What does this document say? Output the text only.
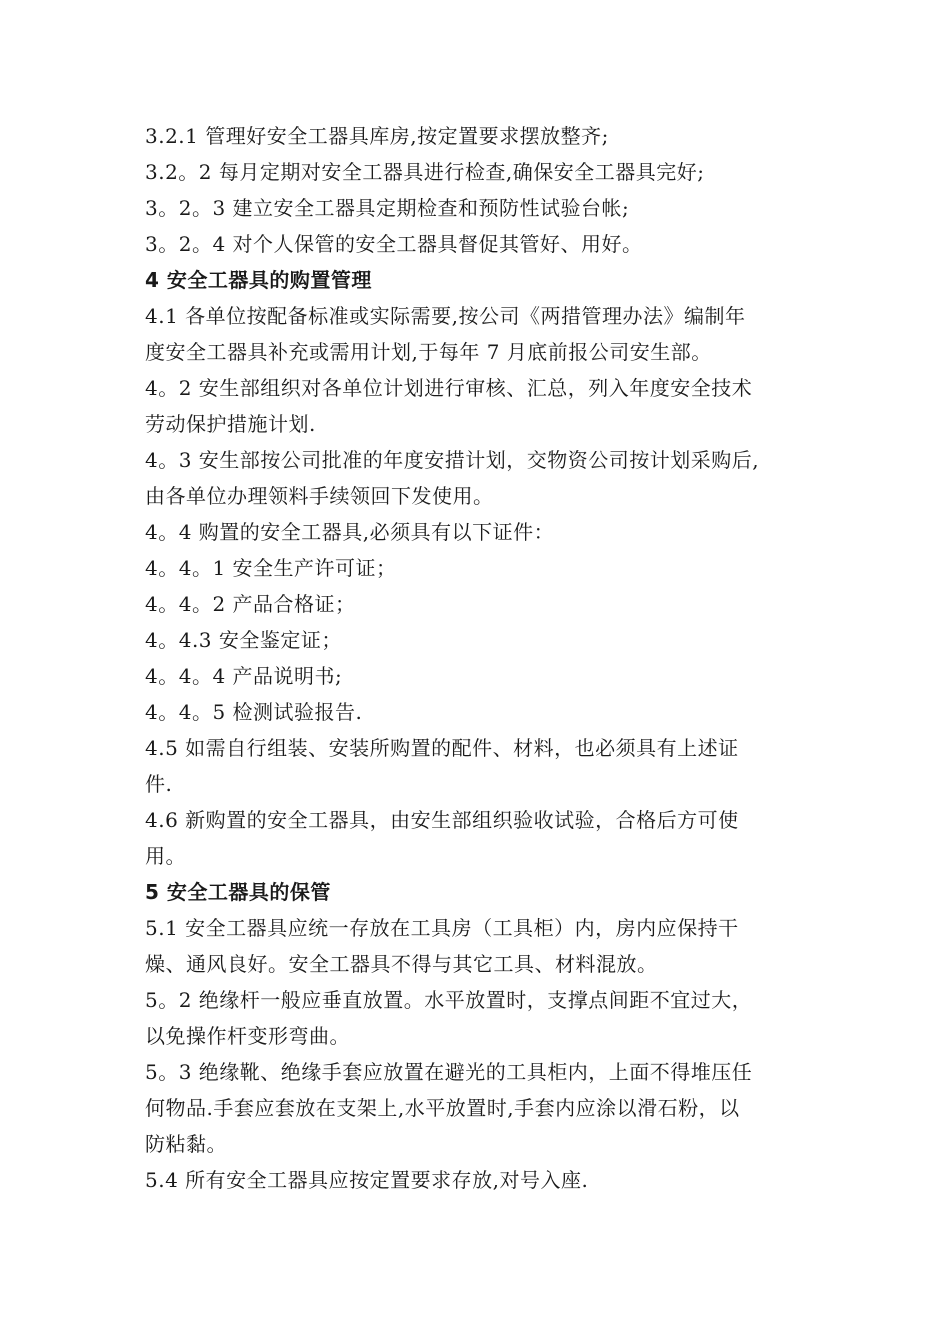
3.2.1 管理好安全工器具库房,按定置要求摆放整齐;
3.2。2 每月定期对安全工器具进行检查,确保安全工器具完好;
3。2。3 建立安全工器具定期检查和预防性试验台帐;
3。2。4 对个人保管的安全工器具督促其管好、用好。
4 安全工器具的购置管理
4.1 各单位按配备标准或实际需要,按公司《两措管理办法》编制年
度安全工器具补充或需用计划,于每年 7 月底前报公司安生部。
4。2 安生部组织对各单位计划进行审核、汇总，列入年度安全技术
劳动保护措施计划.
4。3 安生部按公司批准的年度安措计划，交物资公司按计划采购后,
由各单位办理领料手续领回下发使用。
4。4 购置的安全工器具,必须具有以下证件：
4。4。1 安全生产许可证；
4。4。2 产品合格证；
4。4.3 安全鉴定证；
4。4。4 产品说明书;
4。4。5 检测试验报告.
4.5 如需自行组装、安装所购置的配件、材料，也必须具有上述证
件.
4.6 新购置的安全工器具，由安生部组织验收试验，合格后方可使
用。
5 安全工器具的保管
5.1 安全工器具应统一存放在工具房（工具柜）内，房内应保持干
燥、通风良好。安全工器具不得与其它工具、材料混放。
5。2 绝缘杆一般应垂直放置。水平放置时，支撑点间距不宜过大，
以免操作杆变形弯曲。
5。3 绝缘靴、绝缘手套应放置在避光的工具柜内，上面不得堆压任
何物品.手套应套放在支架上,水平放置时,手套内应涂以滑石粉，以
防粘黏。
5.4 所有安全工器具应按定置要求存放,对号入座.
